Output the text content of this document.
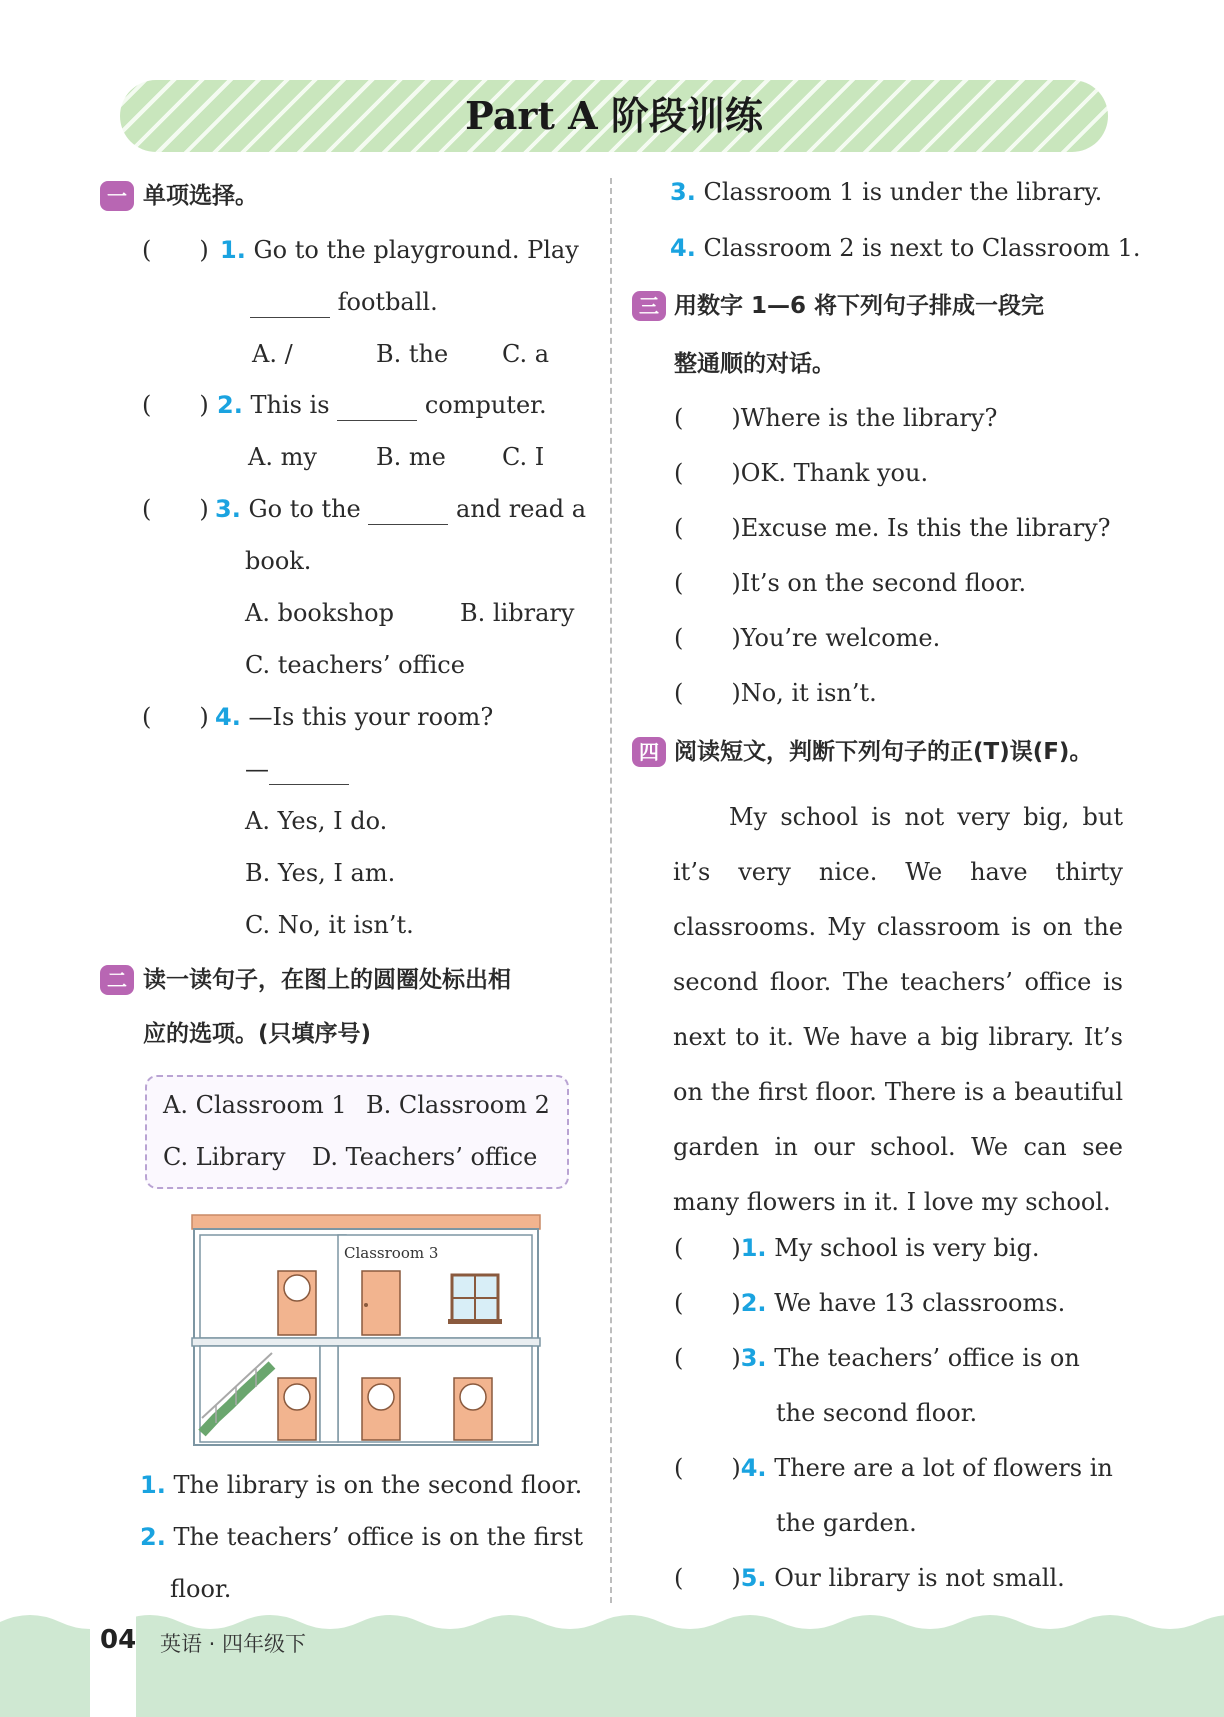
Part A 阶段训练
一 单项选择。
(　　) 1. Go to the playground. Play
football.
A. /	B. the C. a
(　　) 2. This is	computer.
A. my B. me C. I
(　　) 3. Go to the	and read a
book.
A. bookshop	B. library
C. teachers’ office
(　　) 4. —Is this your room?
—
A. Yes, I do.
B. Yes, I am.
C. No, it isn’t.
二 读一读句子，在图上的圆圈处标出相
应的选项。(只填序号)
A. Classroom 1 B. Classroom 2
C. Library D. Teachers’ office
Classroom 3
1. The library is on the second floor.
2. The teachers’ office is on the first
floor.
3. Classroom 1 is under the library.
4. Classroom 2 is next to Classroom 1.
三 用数字 1—6 将下列句子排成一段完
整通顺的对话。
(　　)Where is the library?
(　　)OK. Thank you.
(　　)Excuse me. Is this the library?
(　　)It’s on the second floor.
(　　)You’re welcome.
(　　)No, it isn’t.
四 阅读短文，判断下列句子的正(T)误(F)。
My school is not very big, but it’s very nice. We have thirty classrooms. My classroom is on the second floor. The teachers’ office is next to it. We have a big library. It’s on the first floor. There is a beautiful garden in our school. We can see many flowers in it. I love my school.
(　　)1. My school is very big.
(　　)2. We have 13 classrooms.
(　　)3. The teachers’ office is on
the second floor.
(　　)4. There are a lot of flowers in
the garden.
(　　)5. Our library is not small.
04 英语 · 四年级下
